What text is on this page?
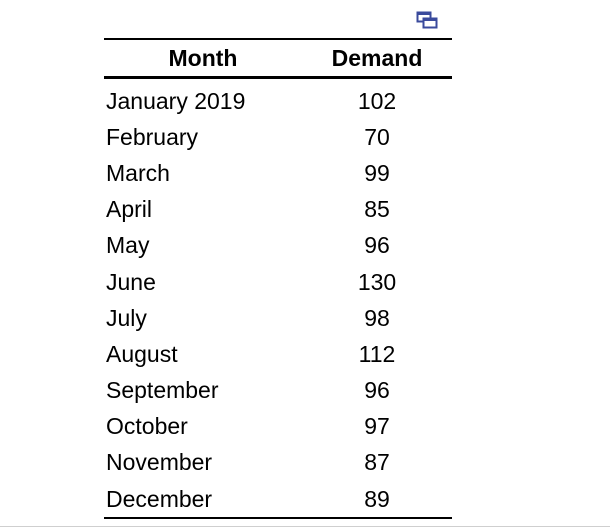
Month	Demand
January 2019	102
February	70
March	99
April	85
May	96
June	130
July	98
August	112
September	96
October	97
November	87
December	89
